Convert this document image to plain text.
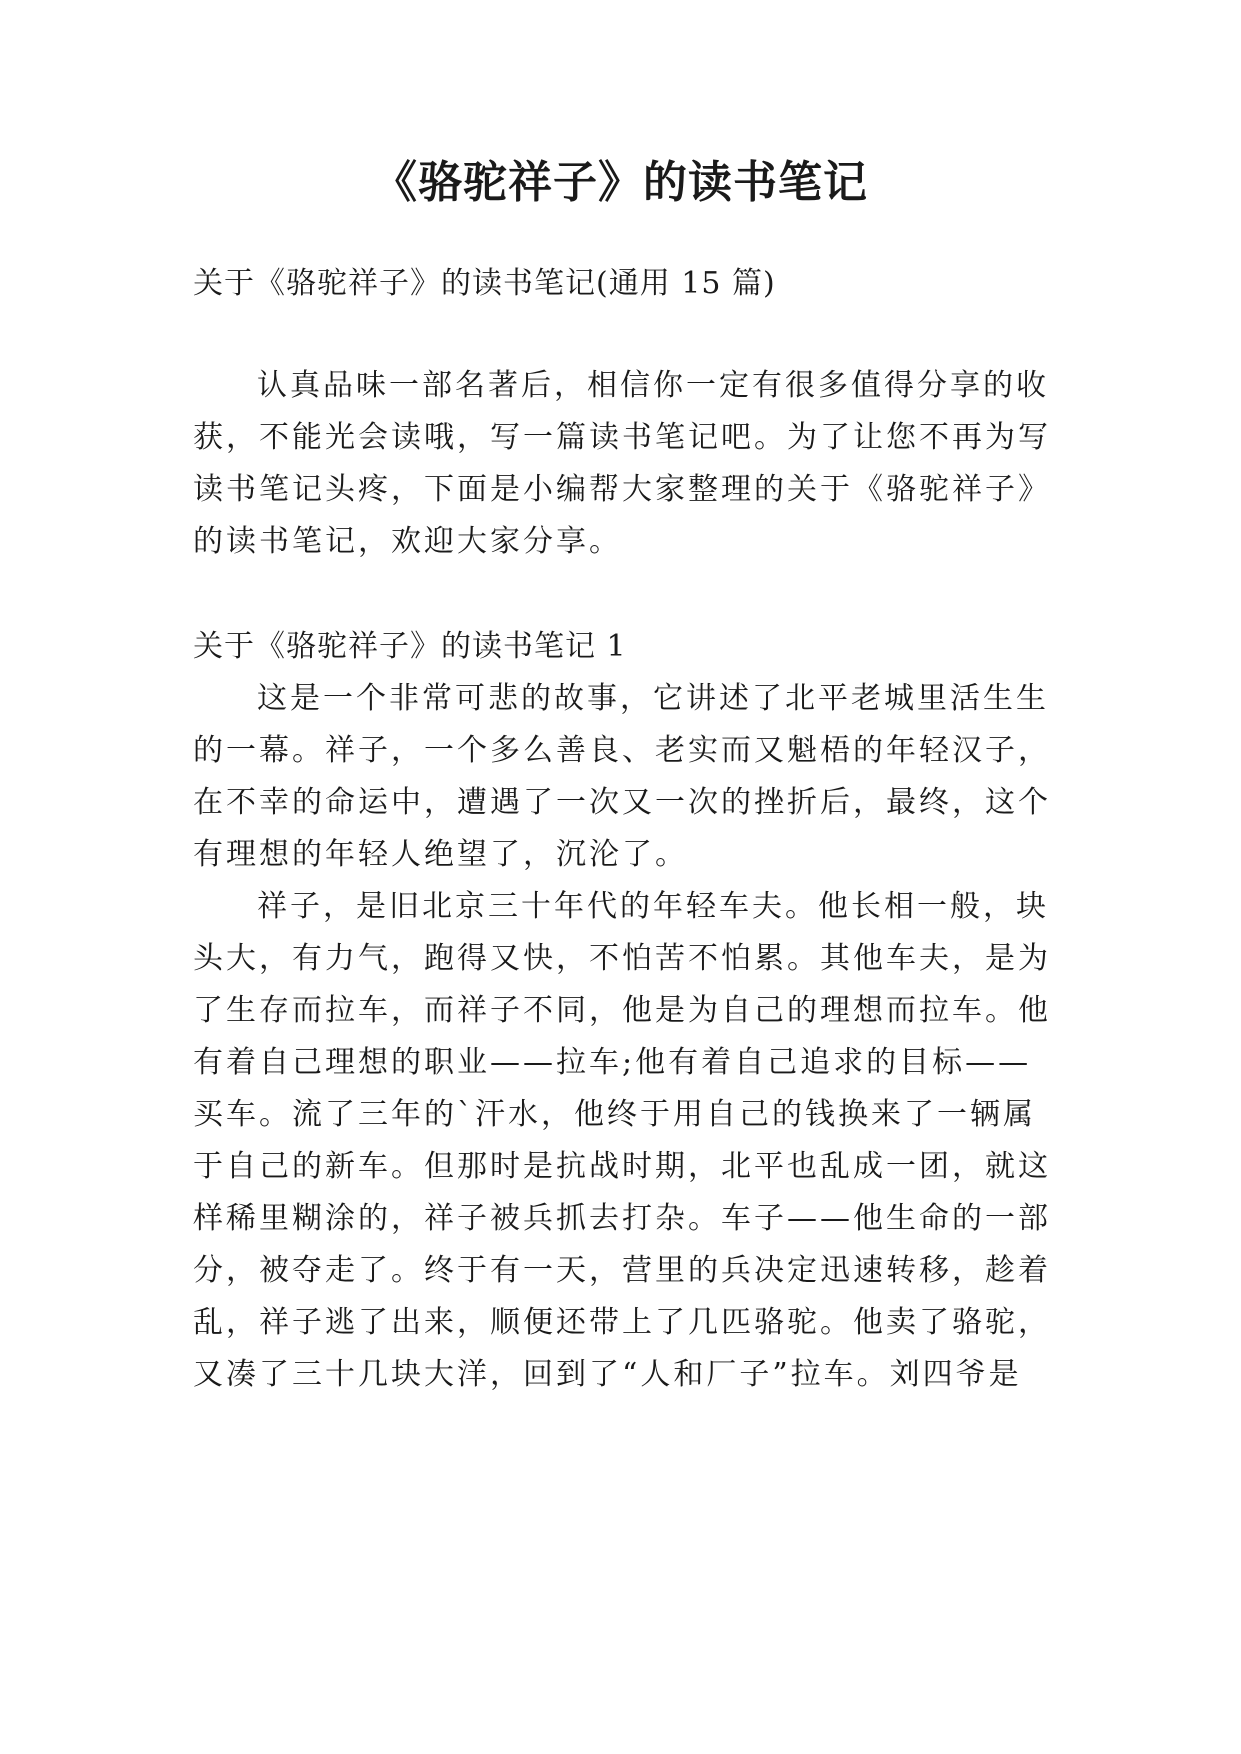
《骆驼祥子》的读书笔记
关于《骆驼祥子》的读书笔记(通用 15 篇)
认真品味一部名著后，相信你一定有很多值得分享的收
获，不能光会读哦，写一篇读书笔记吧。为了让您不再为写
读书笔记头疼，下面是小编帮大家整理的关于《骆驼祥子》
的读书笔记，欢迎大家分享。
关于《骆驼祥子》的读书笔记 1
这是一个非常可悲的故事，它讲述了北平老城里活生生
的一幕。祥子，一个多么善良、老实而又魁梧的年轻汉子，
在不幸的命运中，遭遇了一次又一次的挫折后，最终，这个
有理想的年轻人绝望了，沉沦了。
祥子，是旧北京三十年代的年轻车夫。他长相一般，块
头大，有力气，跑得又快，不怕苦不怕累。其他车夫，是为
了生存而拉车，而祥子不同，他是为自己的理想而拉车。他
有着自己理想的职业——拉车;他有着自己追求的目标——
买车。流了三年的`汗水，他终于用自己的钱换来了一辆属
于自己的新车。但那时是抗战时期，北平也乱成一团，就这
样稀里糊涂的，祥子被兵抓去打杂。车子——他生命的一部
分，被夺走了。终于有一天，营里的兵决定迅速转移，趁着
乱，祥子逃了出来，顺便还带上了几匹骆驼。他卖了骆驼，
又凑了三十几块大洋，回到了“人和厂子”拉车。刘四爷是
